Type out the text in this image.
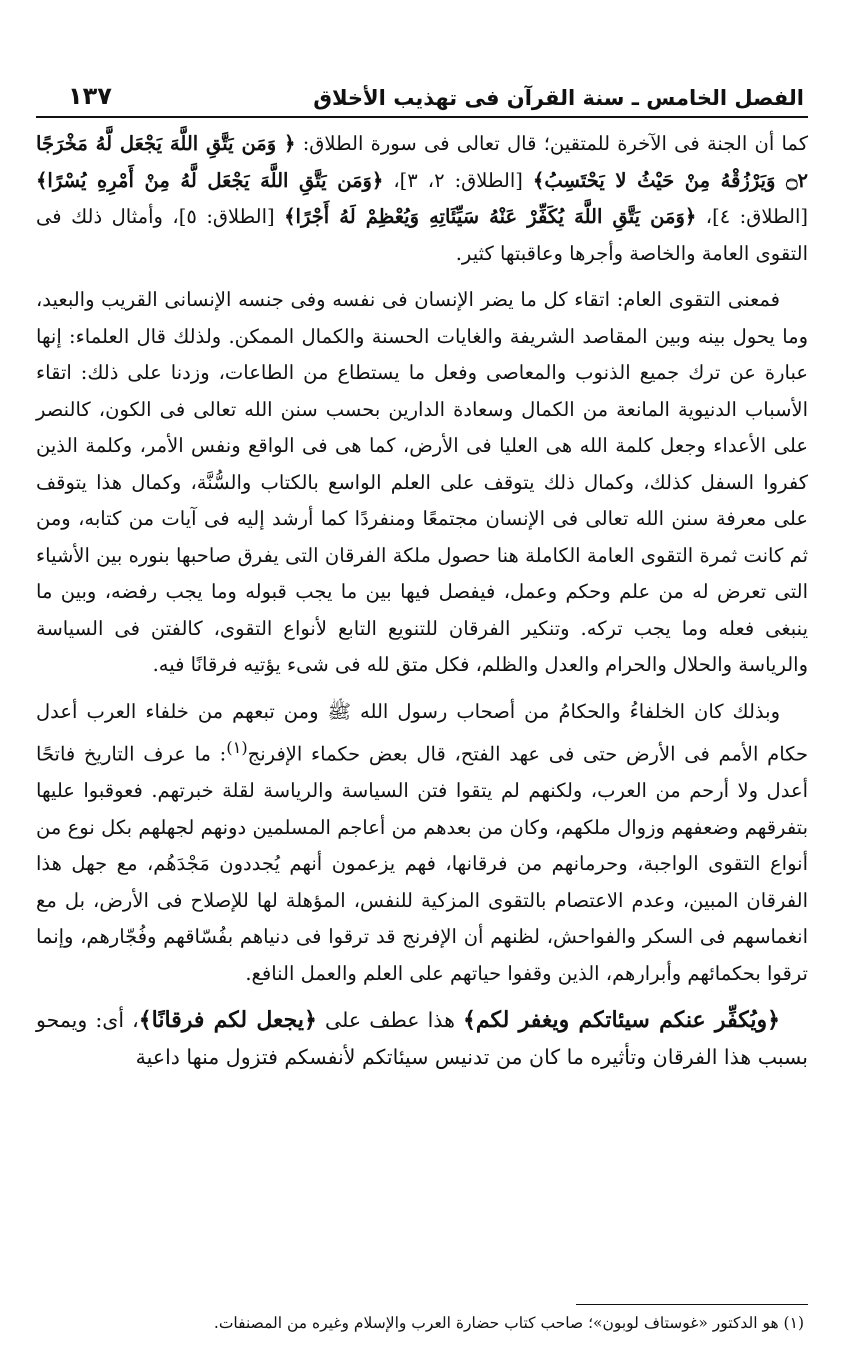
الفصل الخامس ـ سنة القرآن فى تهذيب الأخلاق
١٣٧

كما أن الجنة فى الآخرة للمتقين؛ قال تعالى فى سورة الطلاق: ﴿ وَمَن يَتَّقِ اللَّهَ يَجْعَل لَّهُ مَخْرَجًا ۝٢ وَيَرْزُقْهُ مِنْ حَيْثُ لا يَحْتَسِبُ﴾ [الطلاق: ٢، ٣]، ﴿وَمَن يَتَّقِ اللَّهَ يَجْعَل لَّهُ مِنْ أَمْرِهِ يُسْرًا﴾ [الطلاق: ٤]، ﴿وَمَن يَتَّقِ اللَّهَ يُكَفِّرْ عَنْهُ سَيِّئَاتِهِ وَيُعْظِمْ لَهُ أَجْرًا﴾ [الطلاق: ٥]، وأمثال ذلك فى التقوى العامة والخاصة وأجرها وعاقبتها كثير.

فمعنى التقوى العام: اتقاء كل ما يضر الإنسان فى نفسه وفى جنسه الإنسانى القريب والبعيد، وما يحول بينه وبين المقاصد الشريفة والغايات الحسنة والكمال الممكن. ولذلك قال العلماء: إنها عبارة عن ترك جميع الذنوب والمعاصى وفعل ما يستطاع من الطاعات، وزدنا على ذلك: اتقاء الأسباب الدنيوية المانعة من الكمال وسعادة الدارين بحسب سنن الله تعالى فى الكون، كالنصر على الأعداء وجعل كلمة الله هى العليا فى الأرض، كما هى فى الواقع ونفس الأمر، وكلمة الذين كفروا السفل كذلك، وكمال ذلك يتوقف على العلم الواسع بالكتاب والسُّنَّة، وكمال هذا يتوقف على معرفة سنن الله تعالى فى الإنسان مجتمعًا ومنفردًا كما أرشد إليه فى آيات من كتابه، ومن ثم كانت ثمرة التقوى العامة الكاملة هنا حصول ملكة الفرقان التى يفرق صاحبها بنوره بين الأشياء التى تعرض له من علم وحكم وعمل، فيفصل فيها بين ما يجب قبوله وما يجب رفضه، وبين ما ينبغى فعله وما يجب تركه. وتنكير الفرقان للتنويع التابع لأنواع التقوى، كالفتن فى السياسة والرياسة والحلال والحرام والعدل والظلم، فكل متق لله فى شىء يؤتيه فرقانًا فيه.

وبذلك كان الخلفاءُ والحكامُ من أصحاب رسول الله ﷺ ومن تبعهم من خلفاء العرب أعدل حكام الأمم فى الأرض حتى فى عهد الفتح، قال بعض حكماء الإفرنج$^{(١)}$: ما عرف التاريخ فاتحًا أعدل ولا أرحم من العرب، ولكنهم لم يتقوا فتن السياسة والرياسة لقلة خبرتهم. فعوقبوا عليها بتفرقهم وضعفهم وزوال ملكهم، وكان من بعدهم من أعاجم المسلمين دونهم لجهلهم بكل نوع من أنواع التقوى الواجبة، وحرمانهم من فرقانها، فهم يزعمون أنهم يُجددون مَجْدَهُم، مع جهل هذا الفرقان المبين، وعدم الاعتصام بالتقوى المزكية للنفس، المؤهلة لها للإصلاح فى الأرض، بل مع انغماسهم فى السكر والفواحش، لظنهم أن الإفرنج قد ترقوا فى دنياهم بفُسّاقهم وفُجّارهم، وإنما ترقوا بحكمائهم وأبرارهم، الذين وقفوا حياتهم على العلم والعمل النافع.

﴿ويُكفِّر عنكم سيئاتكم ويغفر لكم﴾ هذا عطف على ﴿يجعل لكم فرقانًا﴾، أى: ويمحو بسبب هذا الفرقان وتأثيره ما كان من تدنيس سيئاتكم لأنفسكم فتزول منها داعية

(١) هو الدكتور «غوستاف لوبون»؛ صاحب كتاب حضارة العرب والإسلام وغيره من المصنفات.
